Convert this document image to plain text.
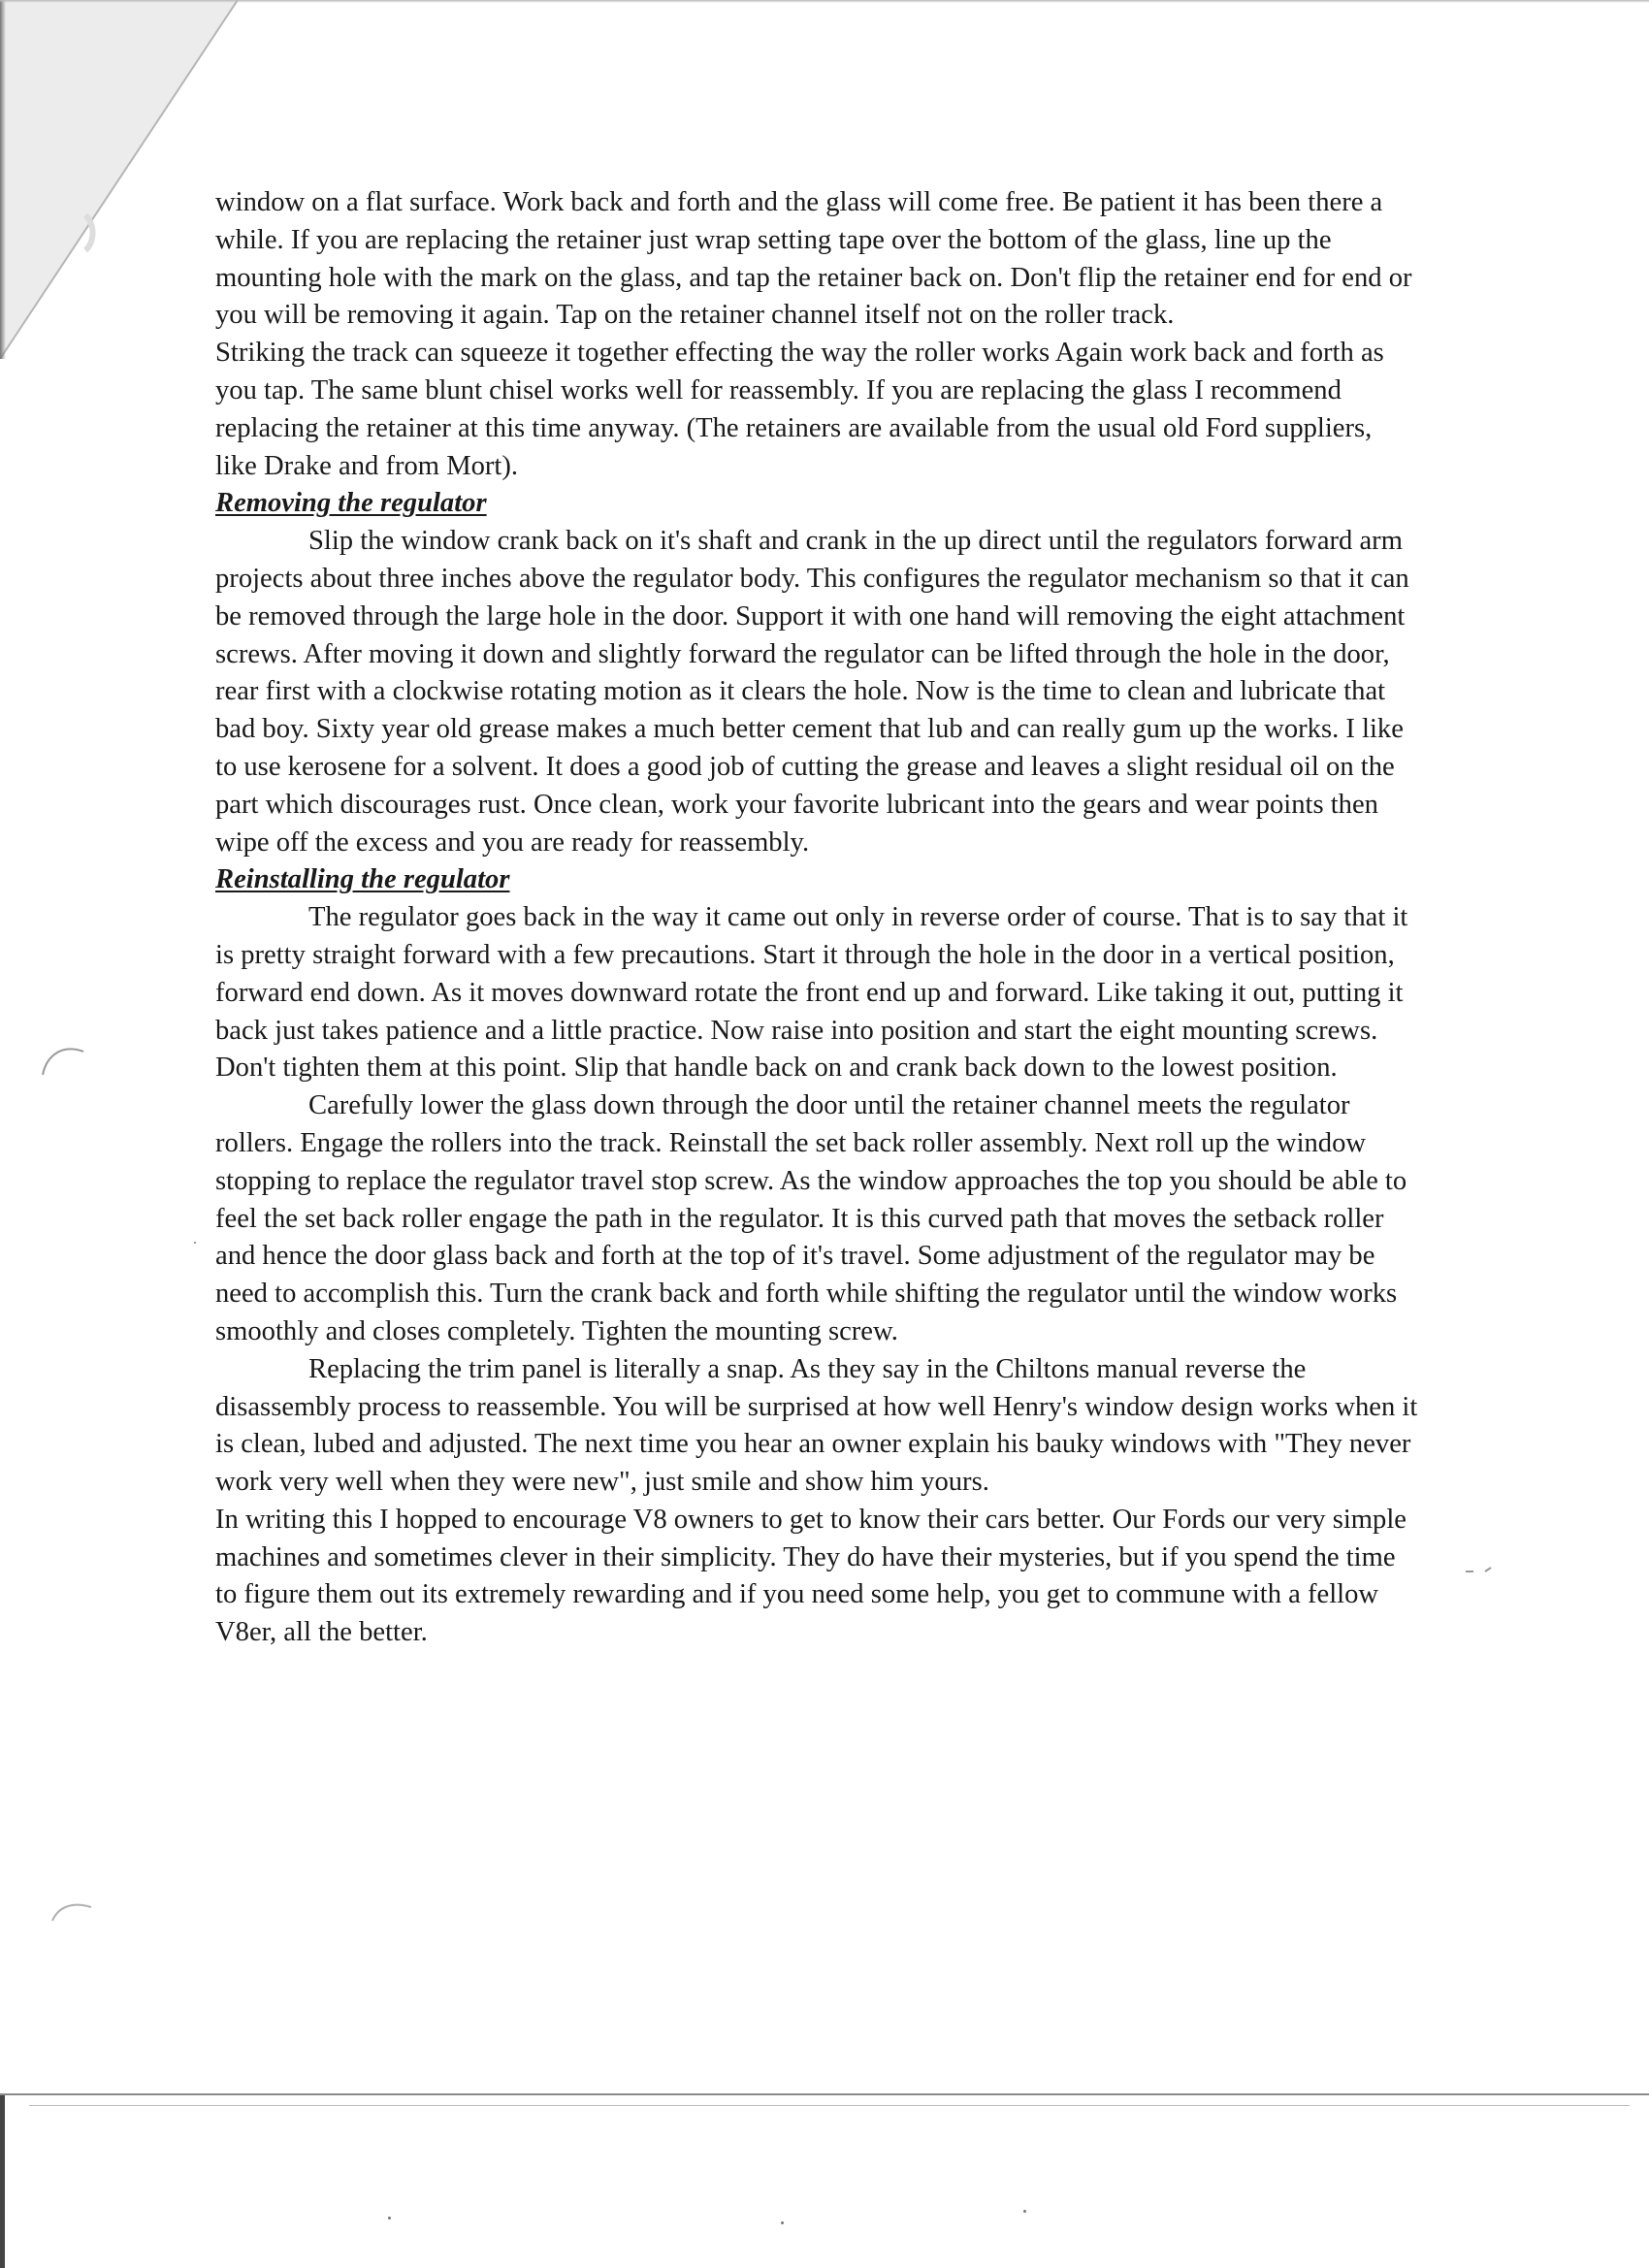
window on a flat surface. Work back and forth and the glass will come free. Be patient it has been there a while. If you are replacing the retainer just wrap setting tape over the bottom of the glass, line up the mounting hole with the mark on the glass, and tap the retainer back on. Don't flip the retainer end for end or you will be removing it again. Tap on the retainer channel itself not on the roller track.

Striking the track can squeeze it together effecting the way the roller works Again work back and forth as you tap. The same blunt chisel works well for reassembly. If you are replacing the glass I recommend replacing the retainer at this time anyway. (The retainers are available from the usual old Ford suppliers, like Drake and from Mort).

Removing the regulator

Slip the window crank back on it's shaft and crank in the up direct until the regulators forward arm projects about three inches above the regulator body. This configures the regulator mechanism so that it can be removed through the large hole in the door. Support it with one hand will removing the eight attachment screws. After moving it down and slightly forward the regulator can be lifted through the hole in the door, rear first with a clockwise rotating motion as it clears the hole. Now is the time to clean and lubricate that bad boy. Sixty year old grease makes a much better cement that lub and can really gum up the works. I like to use kerosene for a solvent. It does a good job of cutting the grease and leaves a slight residual oil on the part which discourages rust. Once clean, work your favorite lubricant into the gears and wear points then wipe off the excess and you are ready for reassembly.

Reinstalling the regulator

The regulator goes back in the way it came out only in reverse order of course. That is to say that it is pretty straight forward with a few precautions. Start it through the hole in the door in a vertical position, forward end down. As it moves downward rotate the front end up and forward. Like taking it out, putting it back just takes patience and a little practice. Now raise into position and start the eight mounting screws. Don't tighten them at this point. Slip that handle back on and crank back down to the lowest position.

Carefully lower the glass down through the door until the retainer channel meets the regulator rollers. Engage the rollers into the track. Reinstall the set back roller assembly. Next roll up the window stopping to replace the regulator travel stop screw. As the window approaches the top you should be able to feel the set back roller engage the path in the regulator. It is this curved path that moves the setback roller and hence the door glass back and forth at the top of it's travel. Some adjustment of the regulator may be need to accomplish this. Turn the crank back and forth while shifting the regulator until the window works smoothly and closes completely. Tighten the mounting screw.

Replacing the trim panel is literally a snap. As they say in the Chiltons manual reverse the disassembly process to reassemble. You will be surprised at how well Henry's window design works when it is clean, lubed and adjusted. The next time you hear an owner explain his bauky windows with "They never work very well when they were new", just smile and show him yours.

In writing this I hopped to encourage V8 owners to get to know their cars better. Our Fords our very simple machines and sometimes clever in their simplicity. They do have their mysteries, but if you spend the time to figure them out its extremely rewarding and if you need some help, you get to commune with a fellow V8er, all the better.
